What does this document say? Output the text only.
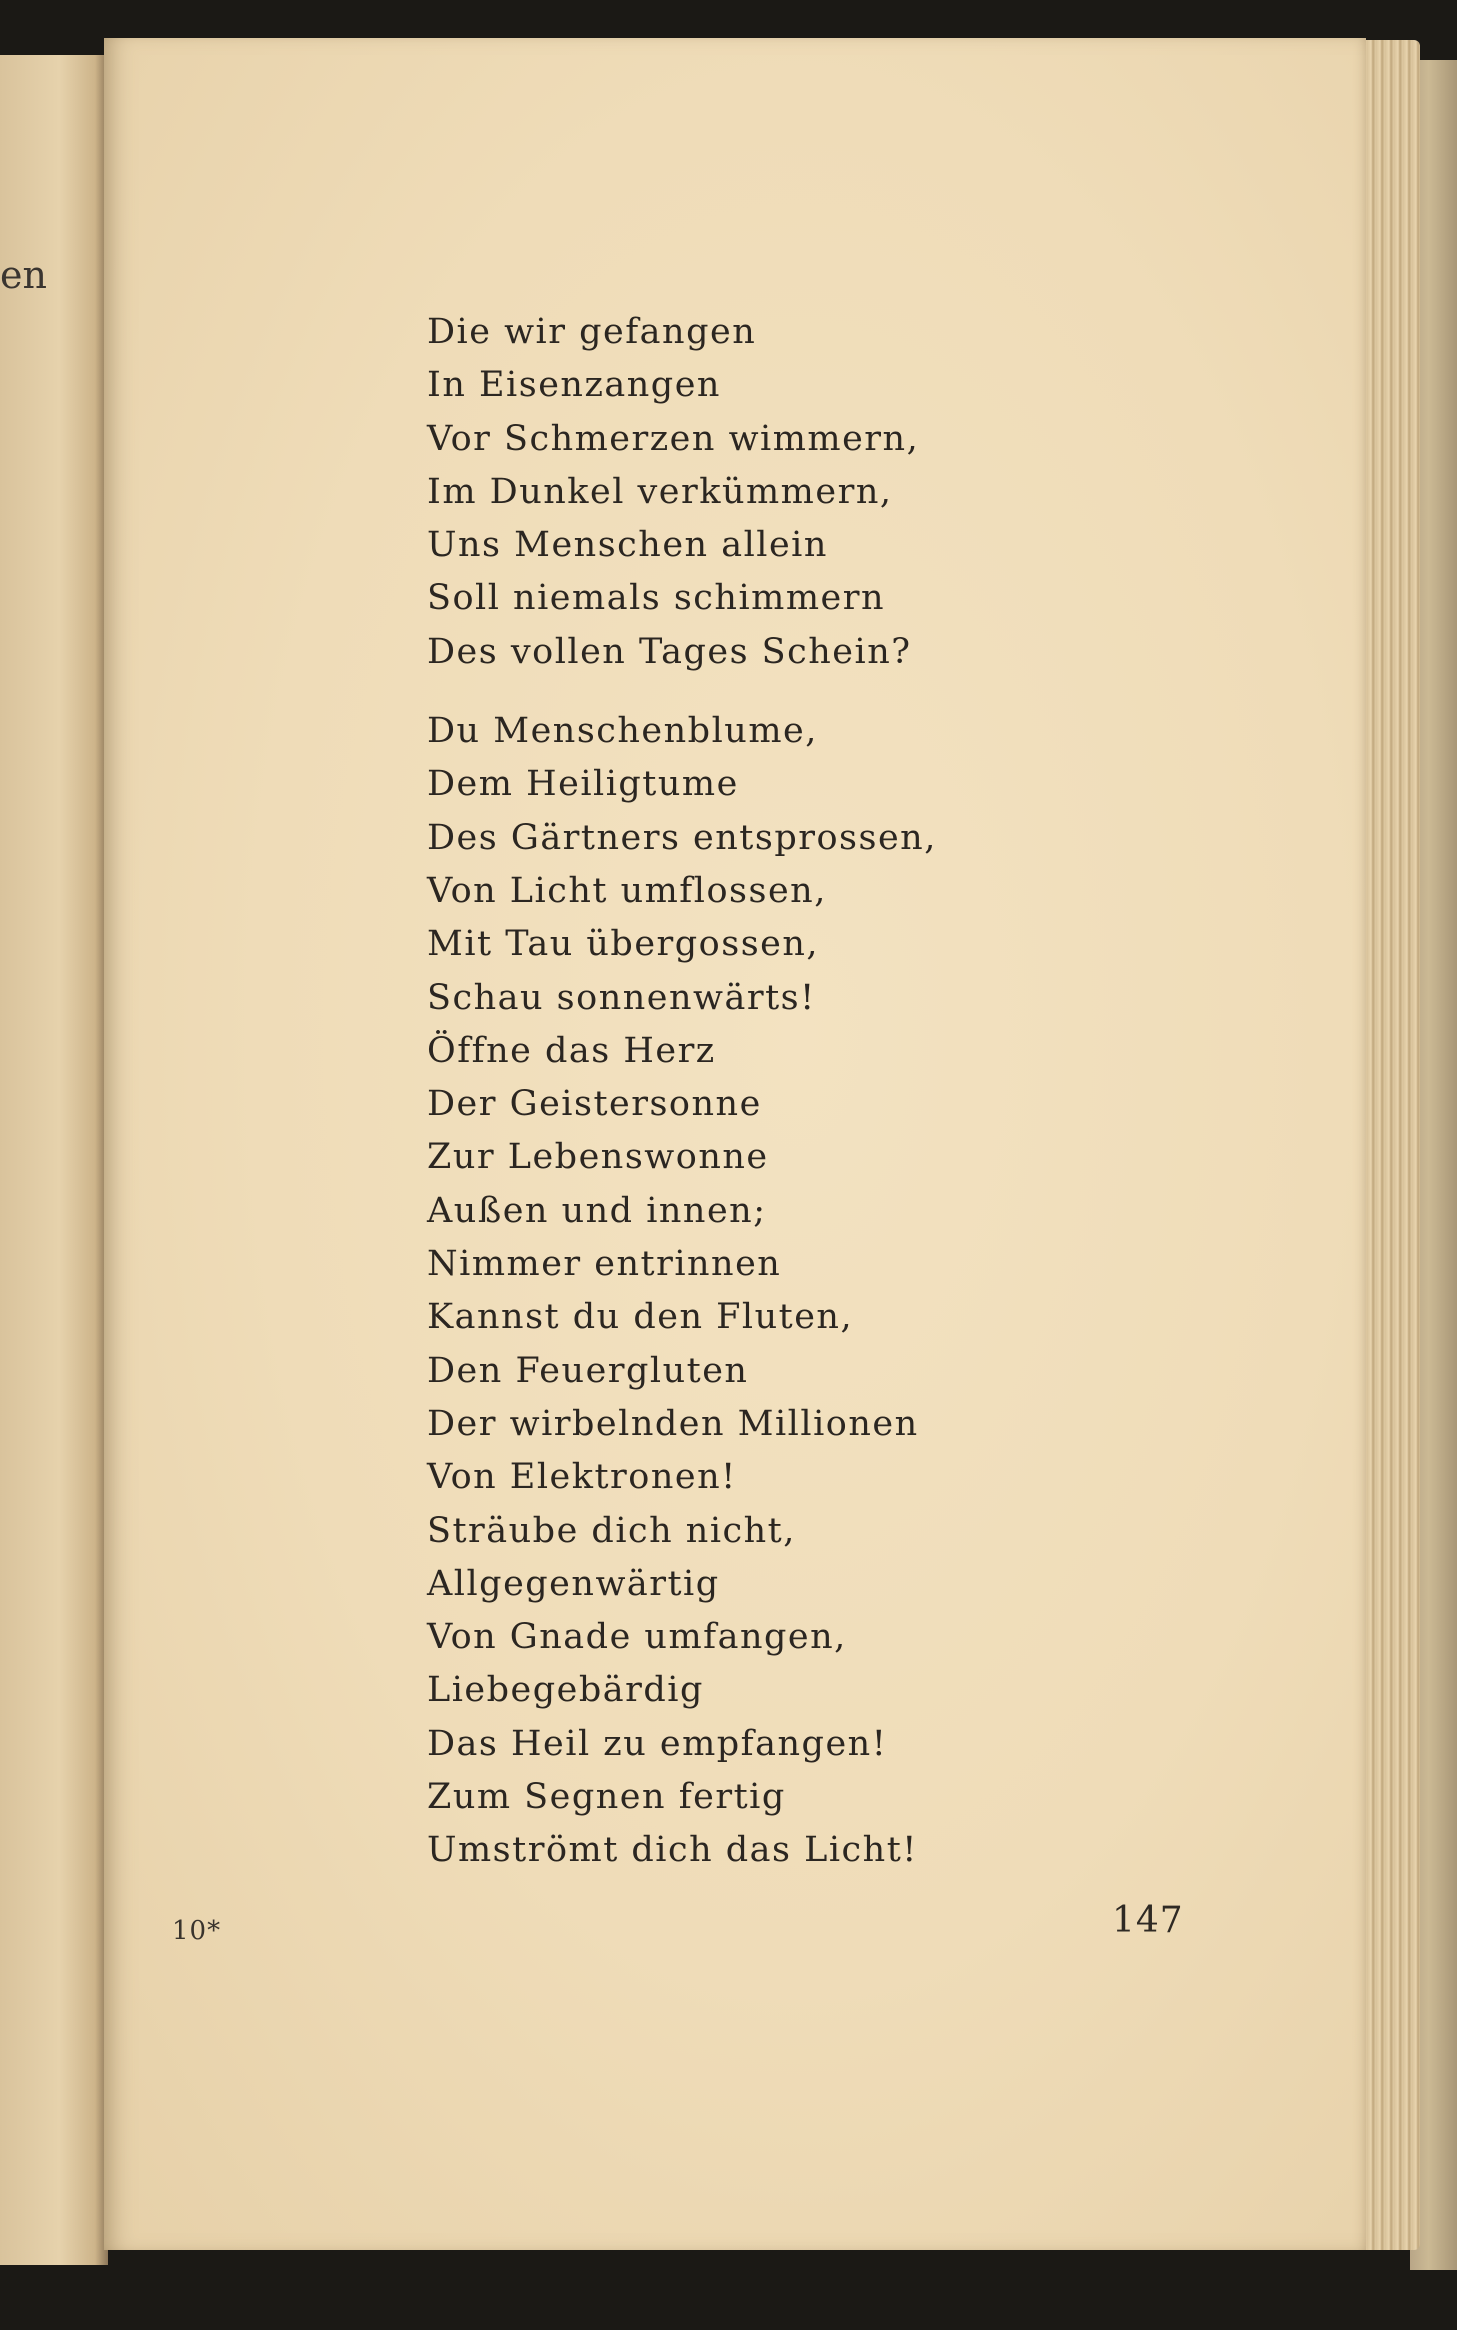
en
Die wir gefangen
In Eisenzangen
Vor Schmerzen wimmern,
Im Dunkel verkümmern,
Uns Menschen allein
Soll niemals schimmern
Des vollen Tages Schein?
Du Menschenblume,
Dem Heiligtume
Des Gärtners entsprossen,
Von Licht umflossen,
Mit Tau übergossen,
Schau sonnenwärts!
Öffne das Herz
Der Geistersonne
Zur Lebenswonne
Außen und innen;
Nimmer entrinnen
Kannst du den Fluten,
Den Feuergluten
Der wirbelnden Millionen
Von Elektronen!
Sträube dich nicht,
Allgegenwärtig
Von Gnade umfangen,
Liebegebärdig
Das Heil zu empfangen!
Zum Segnen fertig
Umströmt dich das Licht!
10*	147
